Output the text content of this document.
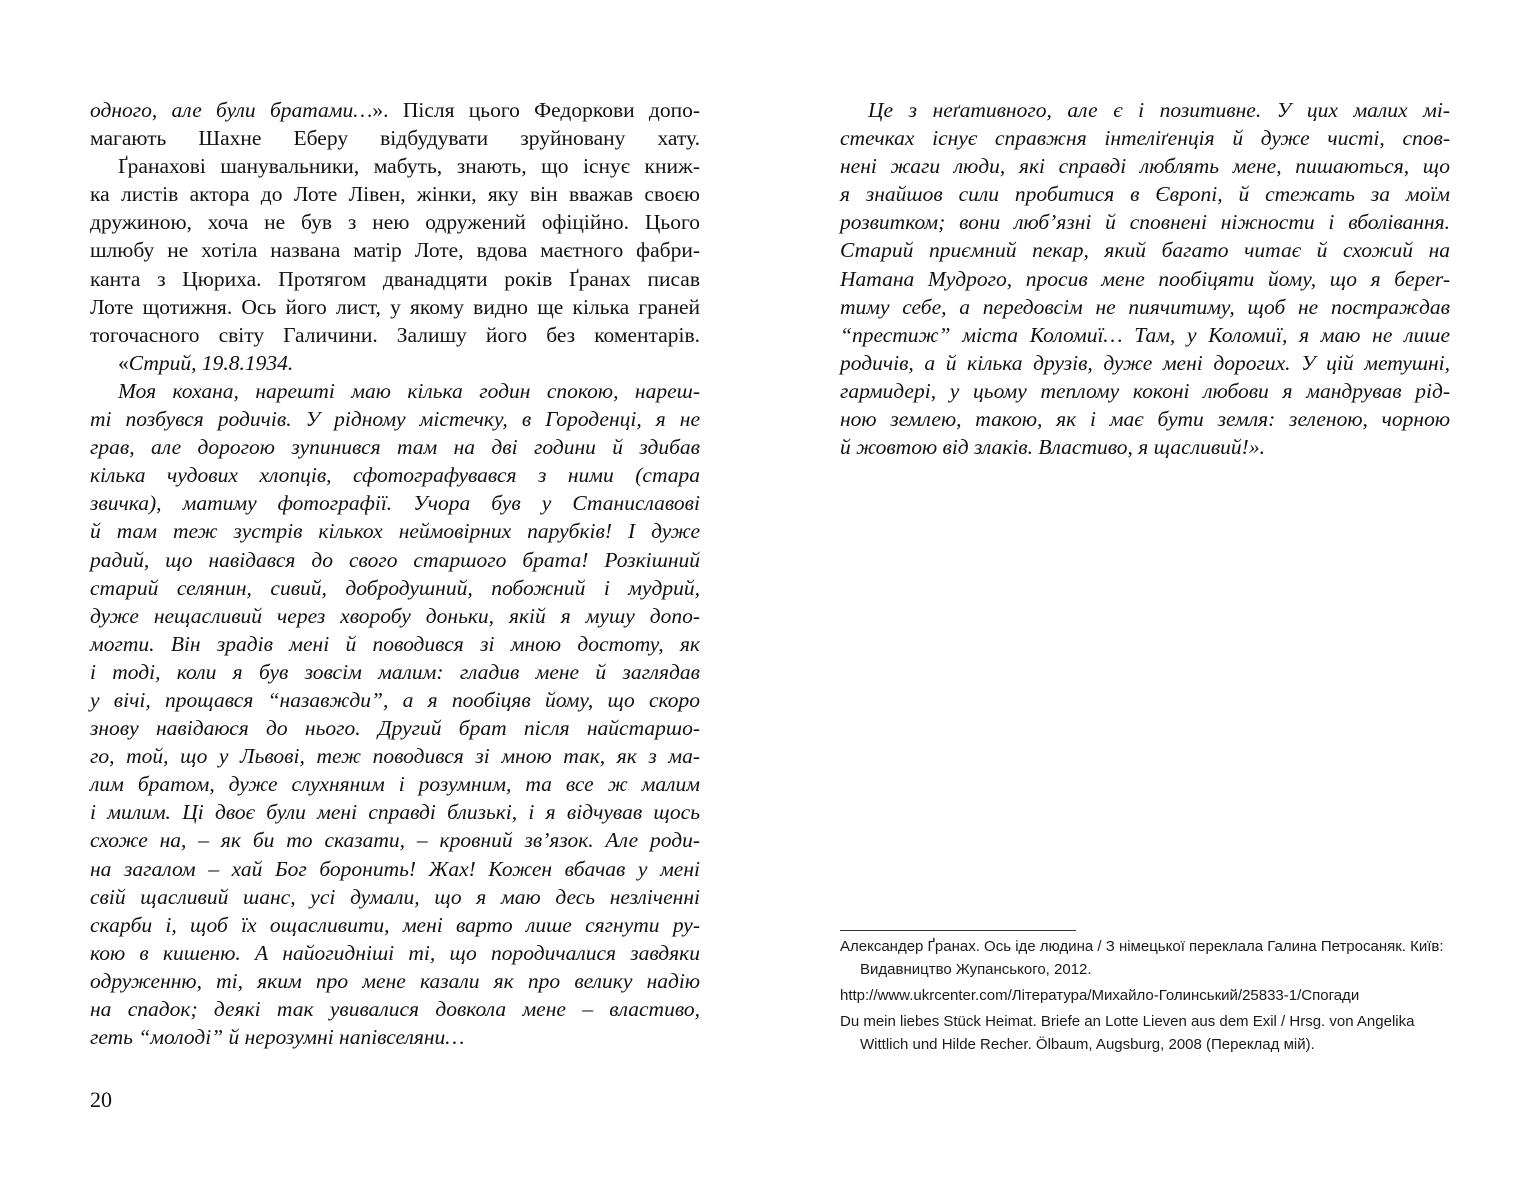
одного, але були братами…». Після цього Федоркови допо-
магають Шахне Еберу відбудувати зруйновану хату.
Ґранахові шанувальники, мабуть, знають, що існує книж-
ка листів актора до Лоте Лівен, жінки, яку він вважав своєю
дружиною, хоча не був з нею одружений офіційно. Цього
шлюбу не хотіла названа матір Лоте, вдова маєтного фабри-
канта з Цюриха. Протягом дванадцяти років Ґранах писав
Лоте щотижня. Ось його лист, у якому видно ще кілька граней
тогочасного світу Галичини. Залишу його без коментарів.
«Стрий, 19.8.1934.
Моя кохана, нарешті маю кілька годин спокою, нареш-
ті позбувся родичів. У рідному містечку, в Городенці, я не
грав, але дорогою зупинився там на дві години й здибав
кілька чудових хлопців, сфотографувався з ними (стара
звичка), матиму фотографії. Учора був у Станиславові
й там теж зустрів кількох неймовірних парубків! І дуже
радий, що навідався до свого старшого брата! Розкішний
старий селянин, сивий, добродушний, побожний і мудрий,
дуже нещасливий через хворобу доньки, якій я мушу допо-
могти. Він зрадів мені й поводився зі мною достоту, як
і тоді, коли я був зовсім малим: гладив мене й заглядав
у вічі, прощався “назавжди”, а я пообіцяв йому, що скоро
знову навідаюся до нього. Другий брат після найстаршо-
го, той, що у Львові, теж поводився зі мною так, як з ма-
лим братом, дуже слухняним і розумним, та все ж малим
і милим. Ці двоє були мені справді близькі, і я відчував щось
схоже на, – як би то сказати, – кровний зв’язок. Але роди-
на загалом – хай Бог боронить! Жах! Кожен вбачав у мені
свій щасливий шанс, усі думали, що я маю десь незліченні
скарби і, щоб їх ощасливити, мені варто лише сягнути ру-
кою в кишеню. А найогидніші ті, що породичалися завдяки
одруженню, ті, яким про мене казали як про велику надію
на спадок; деякі так увивалися довкола мене – властиво,
геть “молоді” й нерозумні напівселяни…
Це з неґативного, але є і позитивне. У цих малих мі-
стечках існує справжня інтеліґенція й дуже чисті, спов-
нені жаги люди, які справді люблять мене, пишаються, що
я знайшов сили пробитися в Європі, й стежать за моїм
розвитком; вони люб’язні й сповнені ніжности і вболівання.
Старий приємний пекар, який багато читає й схожий на
Натана Мудрого, просив мене пообіцяти йому, що я береr-
тиму себе, а передовсім не пиячитиму, щоб не постраждав
“престиж” міста Коломиї… Там, у Коломиї, я маю не лише
родичів, а й кілька друзів, дуже мені дорогих. У цій метушні,
гармидері, у цьому теплому коконі любови я мандрував рід-
ною землею, такою, як і має бути земля: зеленою, чорною
й жовтою від злаків. Властиво, я щасливий!».
Александер Ґранах. Ось іде людина / З німецької переклала Галина Петросаняк. Київ:
Видавництво Жупанського, 2012.
http://www.ukrcenter.com/Література/Михайло-Голинський/25833-1/Спогади
Du mein liebes Stück Heimat. Briefe an Lotte Lieven aus dem Exil / Hrsg. von Angelika
Wittlich und Hilde Recher. Ölbaum, Augsburg, 2008 (Переклад мій).
20
